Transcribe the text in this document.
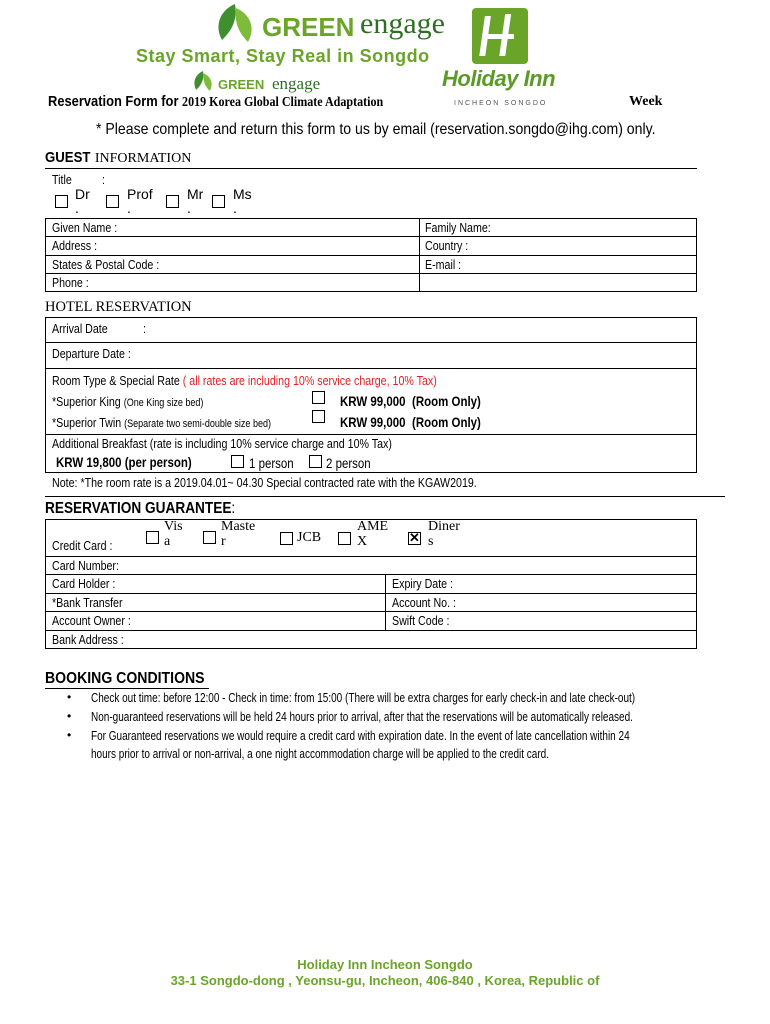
GREEN engage
Stay Smart, Stay Real in Songdo
GREEN engage	Holiday Inn
INCHEON SONGDO
Reservation Form for 2019 Korea Global Climate Adaptation	Week
* Please complete and return this form to us by email (reservation.songdo@ihg.com) only.
GUEST INFORMATION
Title :
Dr
.
Prof
.
Mr
.
Ms
.
Given Name :	Family Name:
Address :	Country :
States & Postal Code :	E-mail :
Phone :
HOTEL RESERVATION
Arrival Date	:
Departure Date :
Room Type & Special Rate ( all rates are including 10% service charge, 10% Tax)
*Superior King (One King size bed)	KRW 99,000 (Room Only)
*Superior Twin (Separate two semi-double size bed)	KRW 99,000 (Room Only)
Additional Breakfast (rate is including 10% service charge and 10% Tax)
KRW 19,800 (per person)	1 person 2 person
Note: *The room rate is a 2019.04.01~ 04.30 Special contracted rate with the KGAW2019.
RESERVATION GUARANTEE:
Credit Card :
Vis
a
Maste
r	JCB
AME
X
✕
Diner
s
Card Number:
Card Holder :	Expiry Date :
*Bank Transfer	Account No. :
Account Owner :	Swift Code :
Bank Address :
BOOKING CONDITIONS
• Check out time: before 12:00 - Check in time: from 15:00 (There will be extra charges for early check-in and late check-out)
• Non-guaranteed reservations will be held 24 hours prior to arrival, after that the reservations will be automatically released.
• For Guaranteed reservations we would require a credit card with expiration date. In the event of late cancellation within 24
hours prior to arrival or non-arrival, a one night accommodation charge will be applied to the credit card.
Holiday Inn Incheon Songdo
33-1 Songdo-dong , Yeonsu-gu, Incheon, 406-840 , Korea, Republic of
